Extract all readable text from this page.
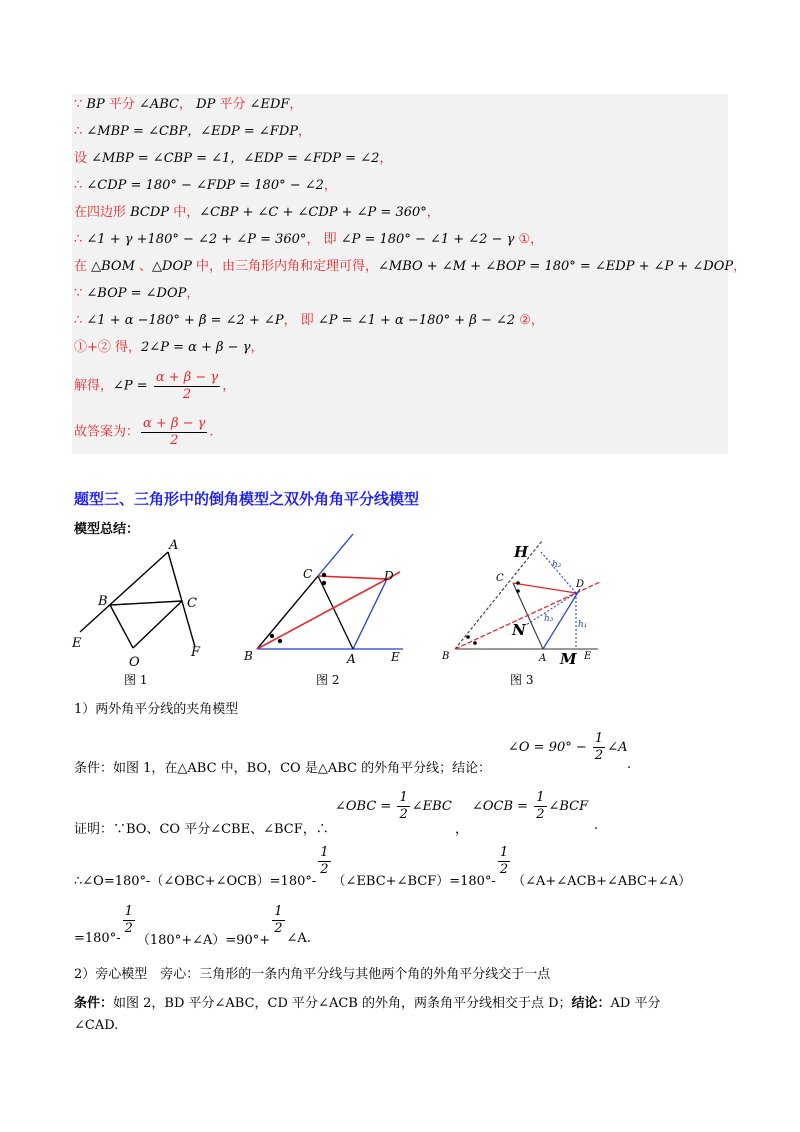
∵ BP 平分 ∠ABC， DP 平分 ∠EDF，
∴ ∠MBP = ∠CBP，∠EDP = ∠FDP，
设 ∠MBP = ∠CBP = ∠1，∠EDP = ∠FDP = ∠2，
∴ ∠CDP = 180° − ∠FDP = 180° − ∠2，
在四边形 BCDP 中，∠CBP + ∠C + ∠CDP + ∠P = 360°，
∴ ∠1 + γ +180° − ∠2 + ∠P = 360°， 即 ∠P = 180° − ∠1 + ∠2 − γ ①，
在 △BOM 、△DOP 中，由三角形内角和定理可得，∠MBO + ∠M + ∠BOP = 180° = ∠EDP + ∠P + ∠DOP，
∵ ∠BOP = ∠DOP，
∴ ∠1 + α −180° + β = ∠2 + ∠P， 即 ∠P = ∠1 + α −180° + β − ∠2 ②，
①+② 得，2∠P = α + β − γ，
解得，∠P = $\frac{\alpha + \beta - \gamma}{2}$ ，
故答案为： $\frac{\alpha + \beta - \gamma}{2}$ .
题型三、三角形中的倒角模型之双外角角平分线模型
模型总结：
A
B	C
E
F
O
图 1
C	D
B	A	E
图 2
H
C
D
N
B	A M E
h₁
h₂
h₃
图 3
1）两外角平分线的夹角模型
∠O = $90^\circ - \frac{1}{2}$ ∠A
条件：如图 1，在△ABC 中，BO，CO 是△ABC 的外角平分线；结论：	.
∠OBC = $\frac{1}{2}$ ∠EBC ∠OCB = $\frac{1}{2}$ ∠BCF
证明：∵BO、CO 平分∠CBE、∠BCF，∴	，	.
∴∠O=180°-（∠OBC+∠OCB）=180°-
$\frac{1}{2}$
（∠EBC+∠BCF）=180°-
$\frac{1}{2}$
（∠A+∠ACB+∠ABC+∠A）
=180°-
$\frac{1}{2}$
（180°+∠A）=90°+
$\frac{1}{2}$
∠A.
2）旁心模型　旁心：三角形的一条内角平分线与其他两个角的外角平分线交于一点
条件：如图 2，BD 平分∠ABC，CD 平分∠ACB 的外角，两条角平分线相交于点 D；结论：AD 平分
∠CAD.
